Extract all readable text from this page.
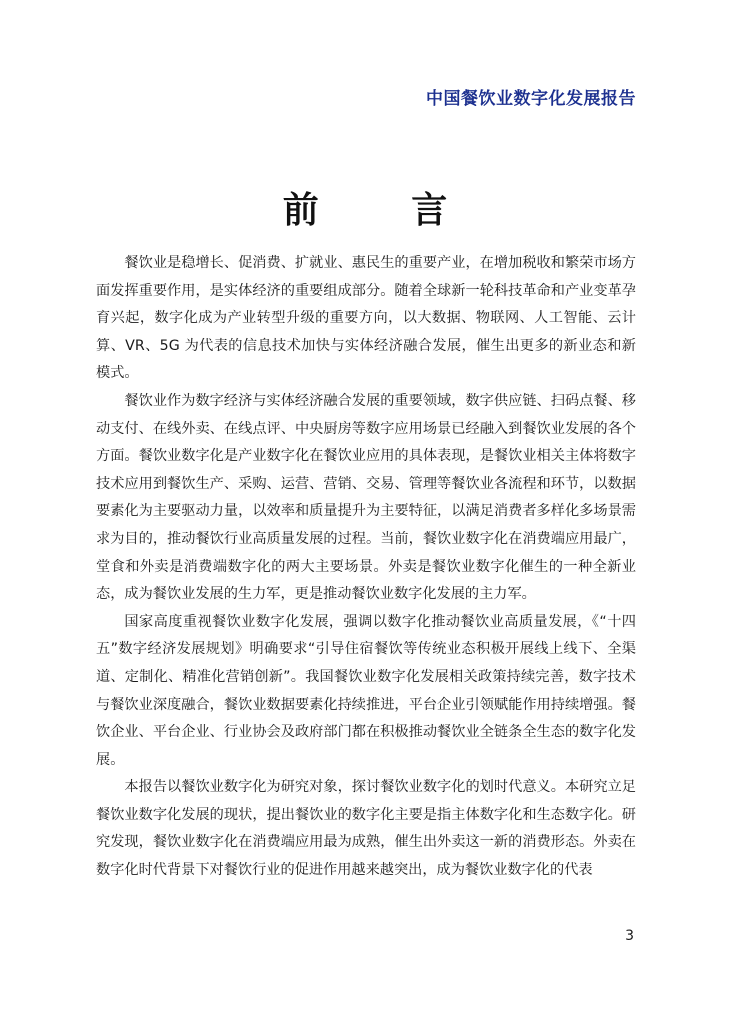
中国餐饮业数字化发展报告
前 言

餐饮业是稳增长、促消费、扩就业、惠民生的重要产业，在增加税收和繁荣市场方面发挥重要作用，是实体经济的重要组成部分。随着全球新一轮科技革命和产业变革孕育兴起，数字化成为产业转型升级的重要方向，以大数据、物联网、人工智能、云计算、VR、5G 为代表的信息技术加快与实体经济融合发展，催生出更多的新业态和新模式。

餐饮业作为数字经济与实体经济融合发展的重要领域，数字供应链、扫码点餐、移动支付、在线外卖、在线点评、中央厨房等数字应用场景已经融入到餐饮业发展的各个方面。餐饮业数字化是产业数字化在餐饮业应用的具体表现，是餐饮业相关主体将数字技术应用到餐饮生产、采购、运营、营销、交易、管理等餐饮业各流程和环节，以数据要素化为主要驱动力量，以效率和质量提升为主要特征，以满足消费者多样化多场景需求为目的，推动餐饮行业高质量发展的过程。当前，餐饮业数字化在消费端应用最广，堂食和外卖是消费端数字化的两大主要场景。外卖是餐饮业数字化催生的一种全新业态，成为餐饮业发展的生力军，更是推动餐饮业数字化发展的主力军。

国家高度重视餐饮业数字化发展，强调以数字化推动餐饮业高质量发展，《“十四五”数字经济发展规划》明确要求“引导住宿餐饮等传统业态积极开展线上线下、全渠道、定制化、精准化营销创新”。我国餐饮业数字化发展相关政策持续完善，数字技术与餐饮业深度融合，餐饮业数据要素化持续推进，平台企业引领赋能作用持续增强。餐饮企业、平台企业、行业协会及政府部门都在积极推动餐饮业全链条全生态的数字化发展。

本报告以餐饮业数字化为研究对象，探讨餐饮业数字化的划时代意义。本研究立足餐饮业数字化发展的现状，提出餐饮业的数字化主要是指主体数字化和生态数字化。研究发现，餐饮业数字化在消费端应用最为成熟，催生出外卖这一新的消费形态。外卖在数字化时代背景下对餐饮行业的促进作用越来越突出，成为餐饮业数字化的代表

3
